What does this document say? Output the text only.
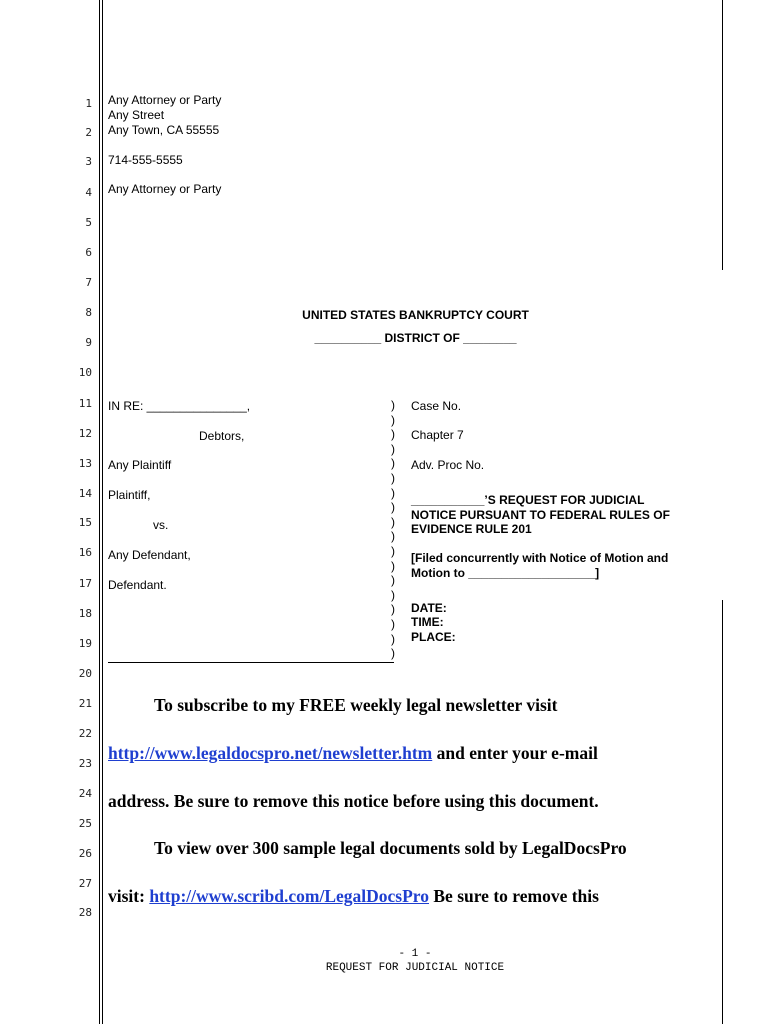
1
2
3
4
5
6
7
8
9
10
11
12
13
14
15
16
17
18
19
20
21
22
23
24
25
26
27
28
Any Attorney or Party
Any Street
Any Town, CA 55555
714-555-5555
Any Attorney or Party
UNITED STATES BANKRUPTCY COURT
__________ DISTRICT OF ________
IN RE: _______________,
Debtors,
Any Plaintiff
Plaintiff,
vs.
Any Defendant,
Defendant.
)
)
)
)
)
)
)
)
)
)
)
)
)
)
)
)
)
)
Case No.
Chapter 7
Adv. Proc No.
___________’S REQUEST FOR JUDICIAL
NOTICE PURSUANT TO FEDERAL RULES OF
EVIDENCE RULE 201
[Filed concurrently with Notice of Motion and
Motion to ___________________]
DATE:
TIME:
PLACE:
To subscribe to my FREE weekly legal newsletter visit
http://www.legaldocspro.net/newsletter.htm and enter your e-mail
address. Be sure to remove this notice before using this document.
To view over 300 sample legal documents sold by LegalDocsPro
visit: http://www.scribd.com/LegalDocsPro Be sure to remove this
- 1 -
REQUEST FOR JUDICIAL NOTICE
